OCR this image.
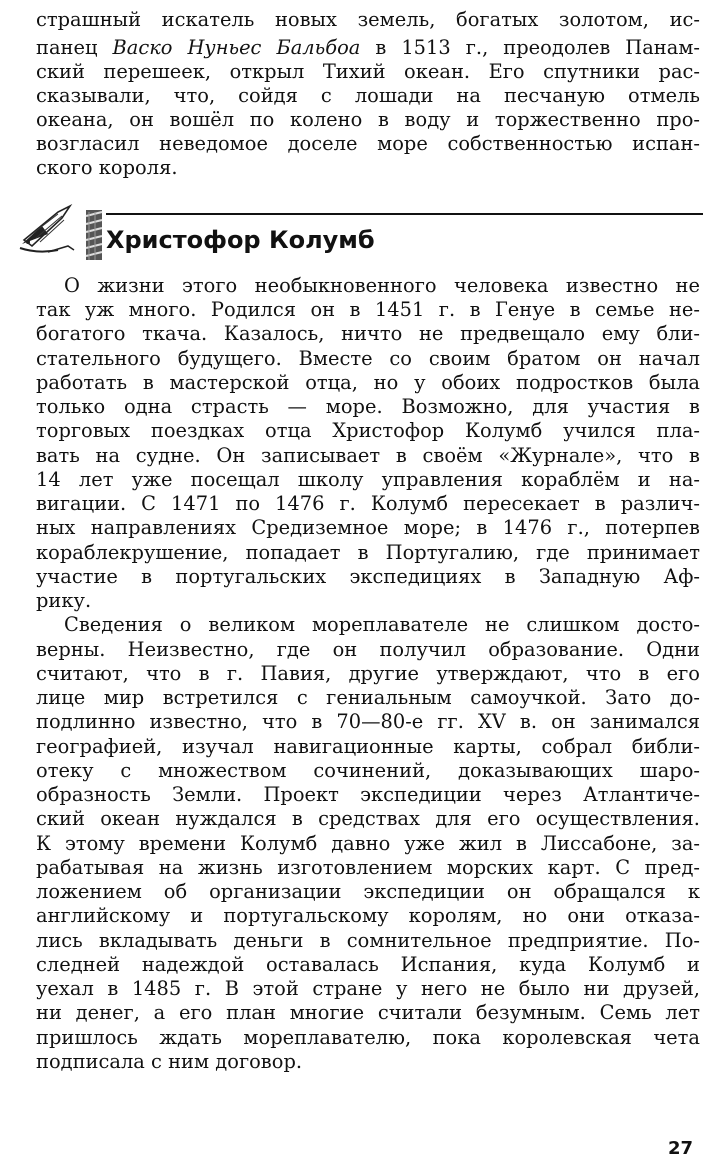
страшный искатель новых земель, богатых золотом, ис-

панец Васко Нуньес Бальбоа в 1513 г., преодолев Панам-

ский перешеек, открыл Тихий океан. Его спутники рас-

сказывали, что, сойдя с лошади на песчаную отмель

океана, он вошёл по колено в воду и торжественно про-

возгласил неведомое доселе море собственностью испан-

ского короля.

Христофор Колумб

О жизни этого необыкновенного человека известно не

так уж много. Родился он в 1451 г. в Генуе в семье не-

богатого ткача. Казалось, ничто не предвещало ему бли-

стательного будущего. Вместе со своим братом он начал

работать в мастерской отца, но у обоих подростков была

только одна страсть — море. Возможно, для участия в

торговых поездках отца Христофор Колумб учился пла-

вать на судне. Он записывает в своём «Журнале», что в

14 лет уже посещал школу управления кораблём и на-

вигации. С 1471 по 1476 г. Колумб пересекает в различ-

ных направлениях Средиземное море; в 1476 г., потерпев

кораблекрушение, попадает в Португалию, где принимает

участие в португальских экспедициях в Западную Аф-

рику.

Сведения о великом мореплавателе не слишком досто-

верны. Неизвестно, где он получил образование. Одни

считают, что в г. Павия, другие утверждают, что в его

лице мир встретился с гениальным самоучкой. Зато до-

подлинно известно, что в 70—80-е гг. XV в. он занимался

географией, изучал навигационные карты, собрал библи-

отеку с множеством сочинений, доказывающих шаро-

образность Земли. Проект экспедиции через Атлантиче-

ский океан нуждался в средствах для его осуществления.

К этому времени Колумб давно уже жил в Лиссабоне, за-

рабатывая на жизнь изготовлением морских карт. С пред-

ложением об организации экспедиции он обращался к

английскому и португальскому королям, но они отказа-

лись вкладывать деньги в сомнительное предприятие. По-

следней надеждой оставалась Испания, куда Колумб и

уехал в 1485 г. В этой стране у него не было ни друзей,

ни денег, а его план многие считали безумным. Семь лет

пришлось ждать мореплавателю, пока королевская чета

подписала с ним договор.

27
